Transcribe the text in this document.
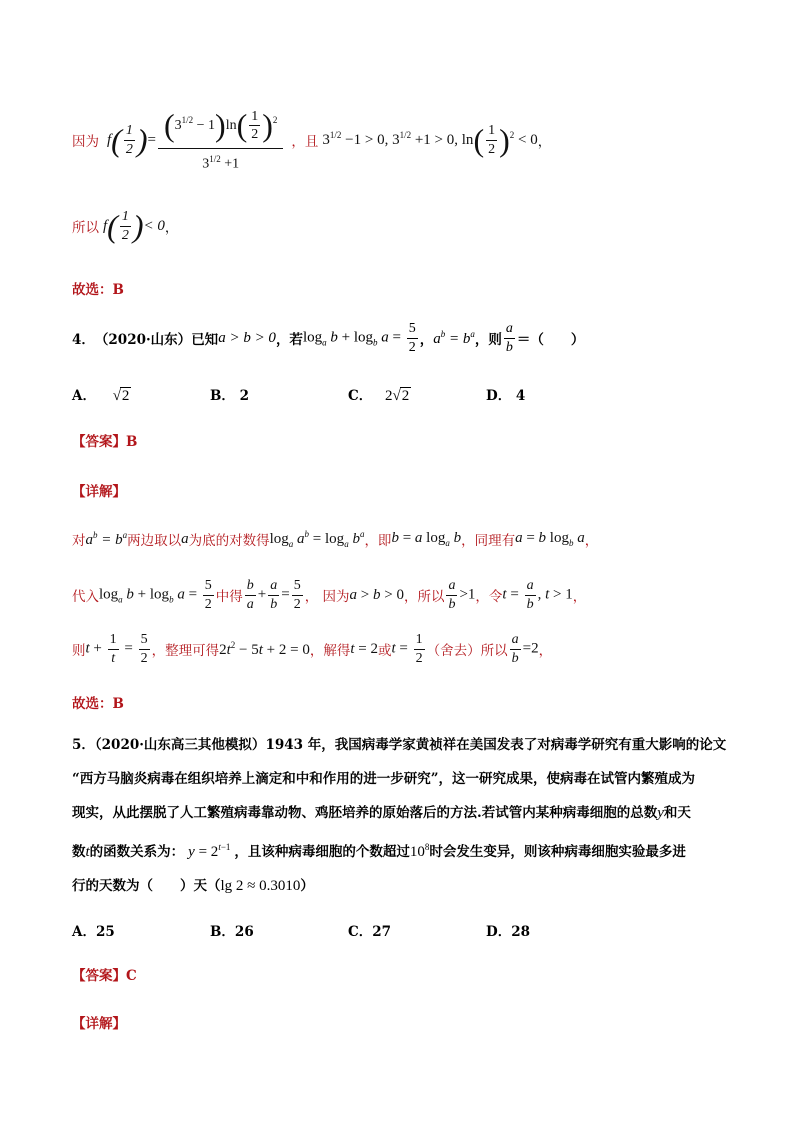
因为 $f( \frac{1}{2}$ ) = $\frac{(3^{1/2} - 1)\ln( \frac{1}{2} )^2}{3^{1/2} +1}$ ，且 $3^{1/2} -1 > 0$, $3^{1/2} +1 > 0$, $\ln( \frac{1}{2} )^2 < 0$ ，
所以 $f( \frac{1}{2}$ )< 0 ，
故选：B
4． （2020·山东） 已知 a > b > 0 ，若 $\log_a b + \log_b a = \frac{5}{2}$ ， $a^b = b^a$ ，则 $\frac{a}{b}$ ＝（　　）
A． √2	B． 2	C． 2√2	D． 4
【答案】B
【详解】
对 $a^b = b^a$ 两边取以 a 为底的对数得 $\log_a a^b = \log_a b^a$ ，即 b = a $\log_a b$ ，同理有 a = b $\log_b a$ ，
代入 $\log_a b + \log_b a = \frac{5}{2}$ 中得 $\frac{b}{a} + \frac{a}{b} = \frac{5}{2}$ ， 因为 a > b > 0 ，所以 $\frac{a}{b} >1$ ，令 $t = \frac{a}{b}$ , t > 1 ，
则 $t + \frac{1}{t} = \frac{5}{2}$ ，整理可得 $2t^2 - 5t + 2 = 0$ ，解得 t = 2 或 $t = \frac{1}{2}$ （舍去）所以 $\frac{a}{b} =2$ ，
故选：B
5．（2020·山东高三其他模拟）1943 年，我国病毒学家黄祯祥在美国发表了对病毒学研究有重大影响的论文
“西方马脑炎病毒在组织培养上滴定和中和作用的进一步研究”，这一研究成果，使病毒在试管内繁殖成为
现实，从此摆脱了人工繁殖病毒靠动物、鸡胚培养的原始落后的方法.若试管内某种病毒细胞的总数y和天
数t的函数关系为： $y = 2^{t-1}$ ，且该种病毒细胞的个数超过$10^8$时会发生变异，则该种病毒细胞实验最多进
行的天数为（　　）天（lg 2 ≈ 0.3010）
A．25	B．26	C．27	D．28
【答案】C
【详解】
